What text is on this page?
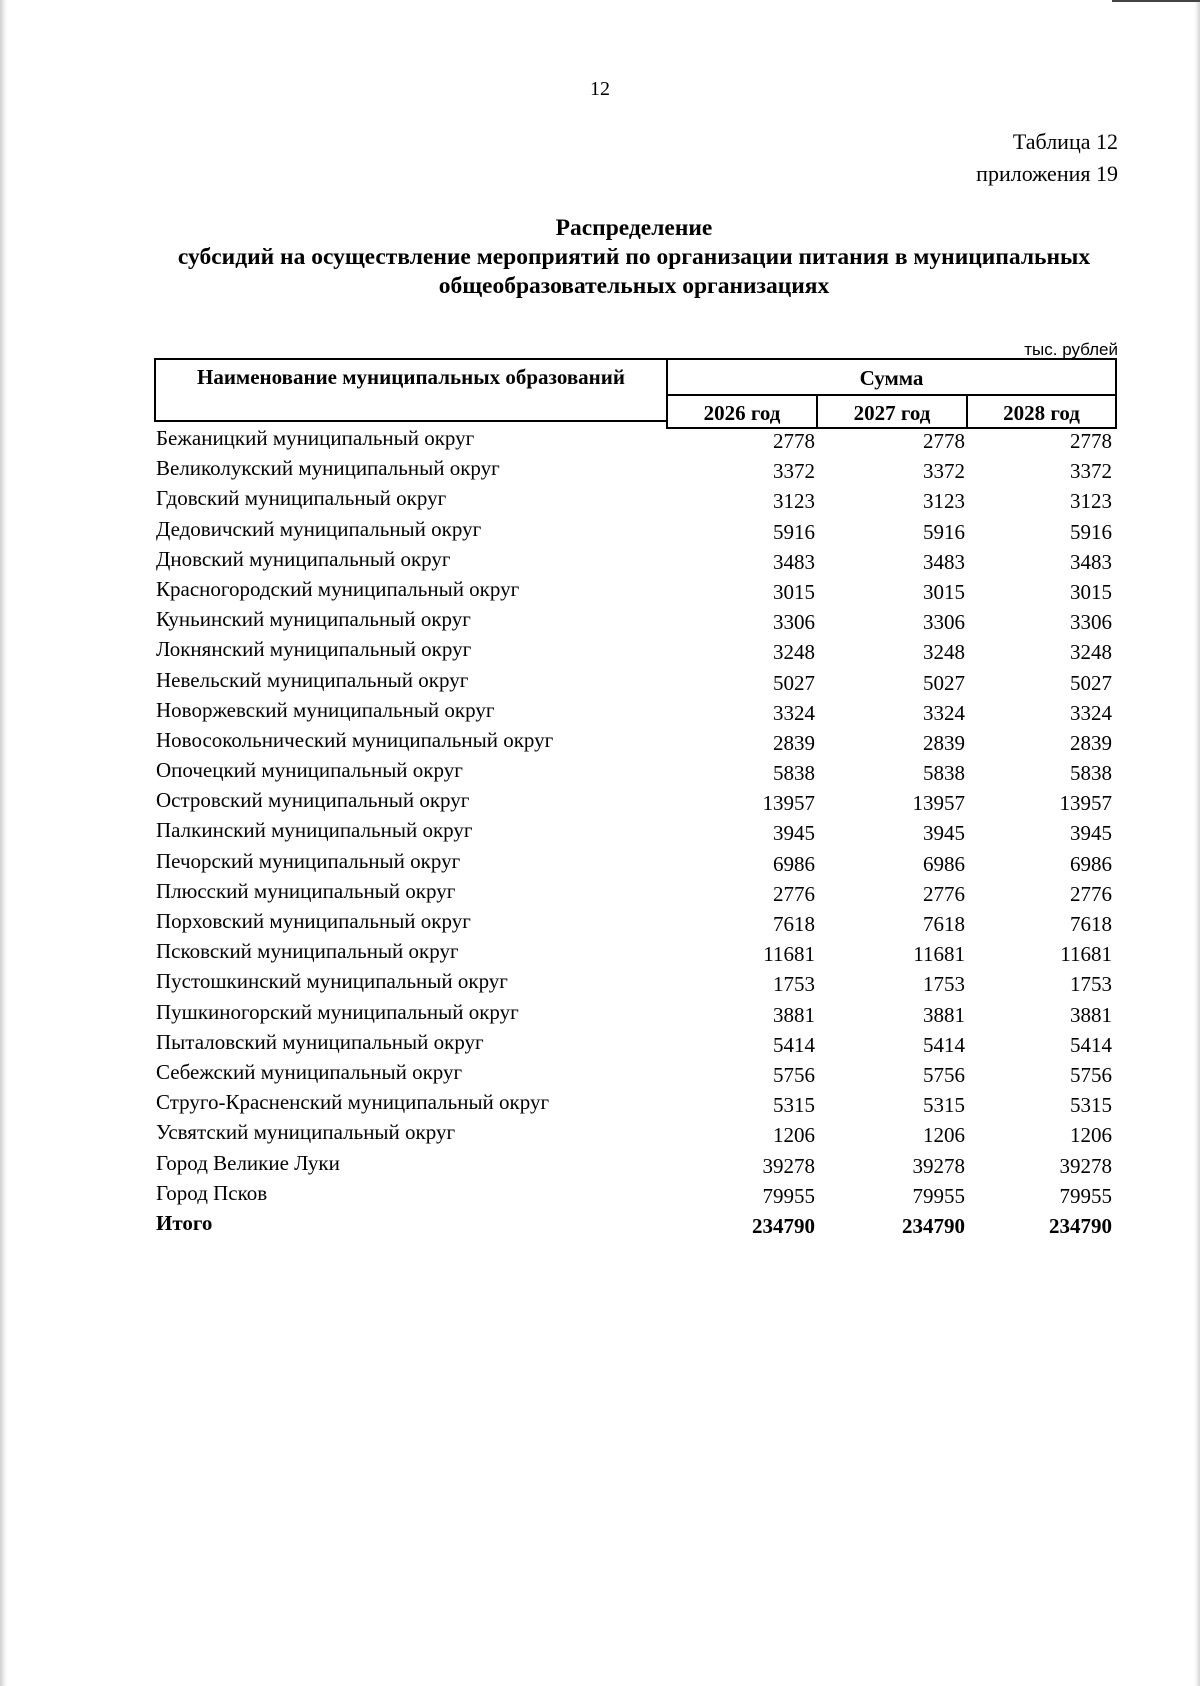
12
Таблица 12
приложения 19
Распределение
субсидий на осуществление мероприятий по организации питания в муниципальных
общеобразовательных организациях
тыс. рублей
Наименование муниципальных образований	Сумма
2026 год	2027 год	2028 год
Бежаницкий муниципальный округ	2778	2778	2778
Великолукский муниципальный округ	3372	3372	3372
Гдовский муниципальный округ	3123	3123	3123
Дедовичский муниципальный округ	5916	5916	5916
Дновский муниципальный округ	3483	3483	3483
Красногородский муниципальный округ	3015	3015	3015
Куньинский муниципальный округ	3306	3306	3306
Локнянский муниципальный округ	3248	3248	3248
Невельский муниципальный округ	5027	5027	5027
Новоржевский муниципальный округ	3324	3324	3324
Новосокольнический муниципальный округ	2839	2839	2839
Опочецкий муниципальный округ	5838	5838	5838
Островский муниципальный округ	13957	13957	13957
Палкинский муниципальный округ	3945	3945	3945
Печорский муниципальный округ	6986	6986	6986
Плюсский муниципальный округ	2776	2776	2776
Порховский муниципальный округ	7618	7618	7618
Псковский муниципальный округ	11681	11681	11681
Пустошкинский муниципальный округ	1753	1753	1753
Пушкиногорский муниципальный округ	3881	3881	3881
Пыталовский муниципальный округ	5414	5414	5414
Себежский муниципальный округ	5756	5756	5756
Струго-Красненский муниципальный округ	5315	5315	5315
Усвятский муниципальный округ	1206	1206	1206
Город Великие Луки	39278	39278	39278
Город Псков	79955	79955	79955
Итого	234790	234790	234790
